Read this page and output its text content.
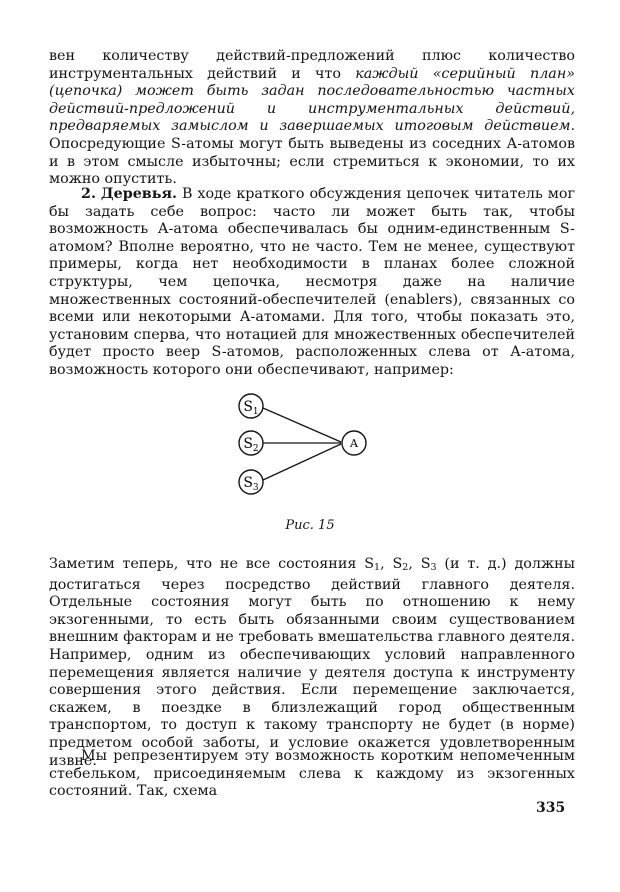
вен количеству действий-предложений плюс количество инструментальных действий и что каждый «серийный план» (цепочка) может быть задан последовательностью частных действий-предложений и инструментальных действий, предваряемых замыслом и завершаемых итоговым действием. Опосредующие S-атомы могут быть выведены из соседних А-атомов и в этом смысле избыточны; если стремиться к экономии, то их можно опустить.

2. Деревья. В ходе краткого обсуждения цепочек читатель мог бы задать себе вопрос: часто ли может быть так, чтобы возможность А-атома обеспечивалась бы одним-единственным S-атомом? Вполне вероятно, что не часто. Тем не менее, существуют примеры, когда нет необходимости в планах более сложной структуры, чем цепочка, несмотря даже на наличие множественных состояний-обеспечителей (enablers), связанных со всеми или некоторыми А-атомами. Для того, чтобы показать это, установим сперва, что нотацией для множественных обеспечителей будет просто веер S-атомов, расположенных слева от А-атома, возможность которого они обеспечивают, например:

$S_1$
$S_2$
$S_3$
A
Рис. 15

Заметим теперь, что не все состояния $S_1$, $S_2$, $S_3$ (и т. д.) должны достигаться через посредство действий главного деятеля. Отдельные состояния могут быть по отношению к нему экзогенными, то есть быть обязанными своим существованием внешним факторам и не требовать вмешательства главного деятеля. Например, одним из обеспечивающих условий направленного перемещения является наличие у деятеля доступа к инструменту совершения этого действия. Если перемещение заключается, скажем, в поездке в близлежащий город общественным транспортом, то доступ к такому транспорту не будет (в норме) предметом особой заботы, и условие окажется удовлетворенным извне.

Мы репрезентируем эту возможность коротким непомеченным стебельком, присоединяемым слева к каждому из экзогенных состояний. Так, схема

335
